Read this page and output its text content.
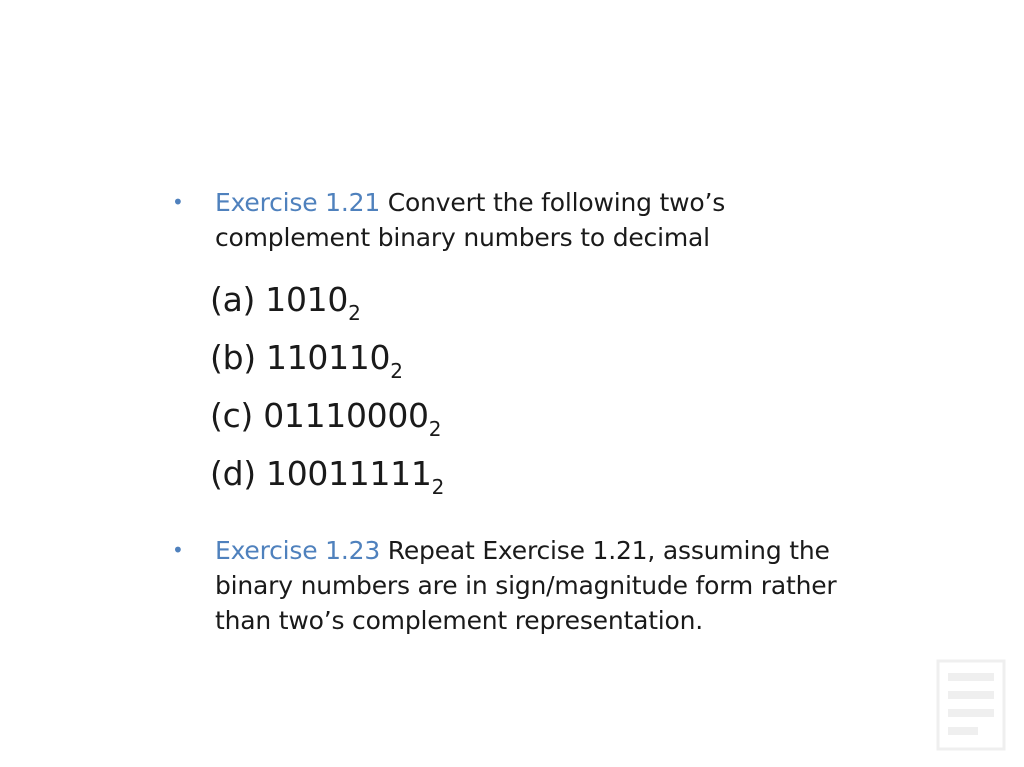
• Exercise 1.21 Convert the following two’s complement binary numbers to decimal
(a) $1010_2$
(b) $110110_2$
(c) $01110000_2$
(d) $10011111_2$
• Exercise 1.23 Repeat Exercise 1.21, assuming the binary numbers are in sign/magnitude form rather than two’s complement representation.
